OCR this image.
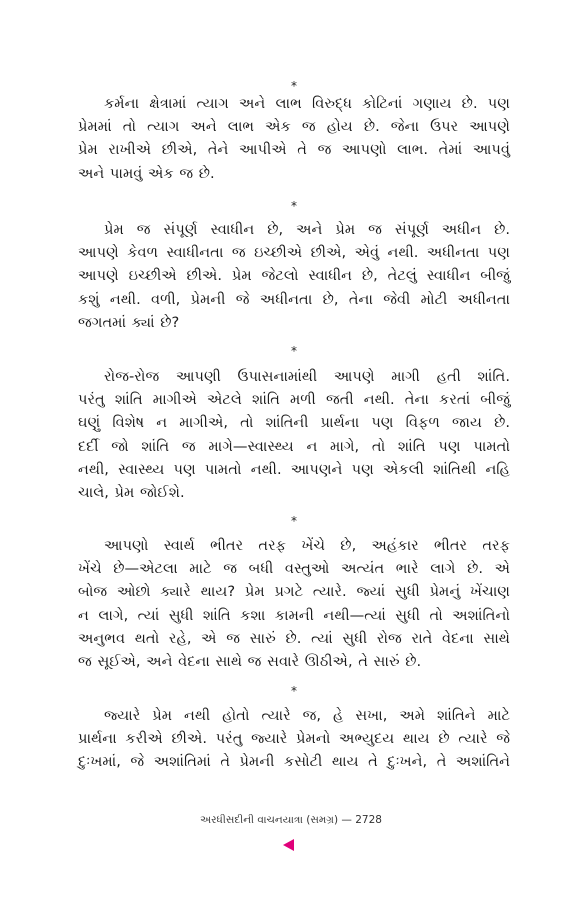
*
*
*
*
*
કર્મના ક્ષેત્રામાં ત્યાગ અને લાભ વિરુદ્ધ કોટિનાં ગણાય છે. પણ
પ્રેમમાં તો ત્યાગ અને લાભ એક જ હોય છે. જેના ઉપર આપણે
પ્રેમ રાખીએ છીએ, તેને આપીએ તે જ આપણો લાભ. તેમાં આપવું
અને પામવું એક જ છે.
પ્રેમ જ સંપૂર્ણ સ્વાધીન છે, અને પ્રેમ જ સંપૂર્ણ અધીન છે.
આપણે કેવળ સ્વાધીનતા જ ઇચ્છીએ છીએ, એવું નથી. અધીનતા પણ
આપણે ઇચ્છીએ છીએ. પ્રેમ જેટલો સ્વાધીન છે, તેટલું સ્વાધીન બીજું
કશું નથી. વળી, પ્રેમની જે અધીનતા છે, તેના જેવી મોટી અધીનતા
જગતમાં ક્યાં છે?
રોજ-રોજ આપણી ઉપાસનામાંથી આપણે માગી હતી શાંતિ.
પરંતુ શાંતિ માગીએ એટલે શાંતિ મળી જતી નથી. તેના કરતાં બીજું
ઘણું વિશેષ ન માગીએ, તો શાંતિની પ્રાર્થના પણ વિફળ જાય છે.
દર્દી જો શાંતિ જ માગે—સ્વાસ્થ્ય ન માગે, તો શાંતિ પણ પામતો
નથી, સ્વાસ્થ્ય પણ પામતો નથી. આપણને પણ એકલી શાંતિથી નહિ
ચાલે, પ્રેમ જોઈશે.
આપણો સ્વાર્થ ભીતર તરફ ખેંચે છે, અહંકાર ભીતર તરફ
ખેંચે છે—એટલા માટે જ બધી વસ્તુઓ અત્યંત ભારે લાગે છે. એ
બોજ ઓછો ક્યારે થાય? પ્રેમ પ્રગટે ત્યારે. જ્યાં સુધી પ્રેમનું ખેંચાણ
ન લાગે, ત્યાં સુધી શાંતિ કશા કામની નથી—ત્યાં સુધી તો અશાંતિનો
અનુભવ થતો રહે, એ જ સારું છે. ત્યાં સુધી રોજ રાતે વેદના સાથે
જ સૂઈએ, અને વેદના સાથે જ સવારે ઊઠીએ, તે સારું છે.
જ્યારે પ્રેમ નથી હોતો ત્યારે જ, હે સખા, અમે શાંતિને માટે
પ્રાર્થના કરીએ છીએ. પરંતુ જ્યારે પ્રેમનો અભ્યુદય થાય છે ત્યારે જે
દુઃખમાં, જે અશાંતિમાં તે પ્રેમની કસોટી થાય તે દુઃખને, તે અશાંતિને
અરધીસદીની વાચનયાત્રા (સમગ્ર) — 2728
